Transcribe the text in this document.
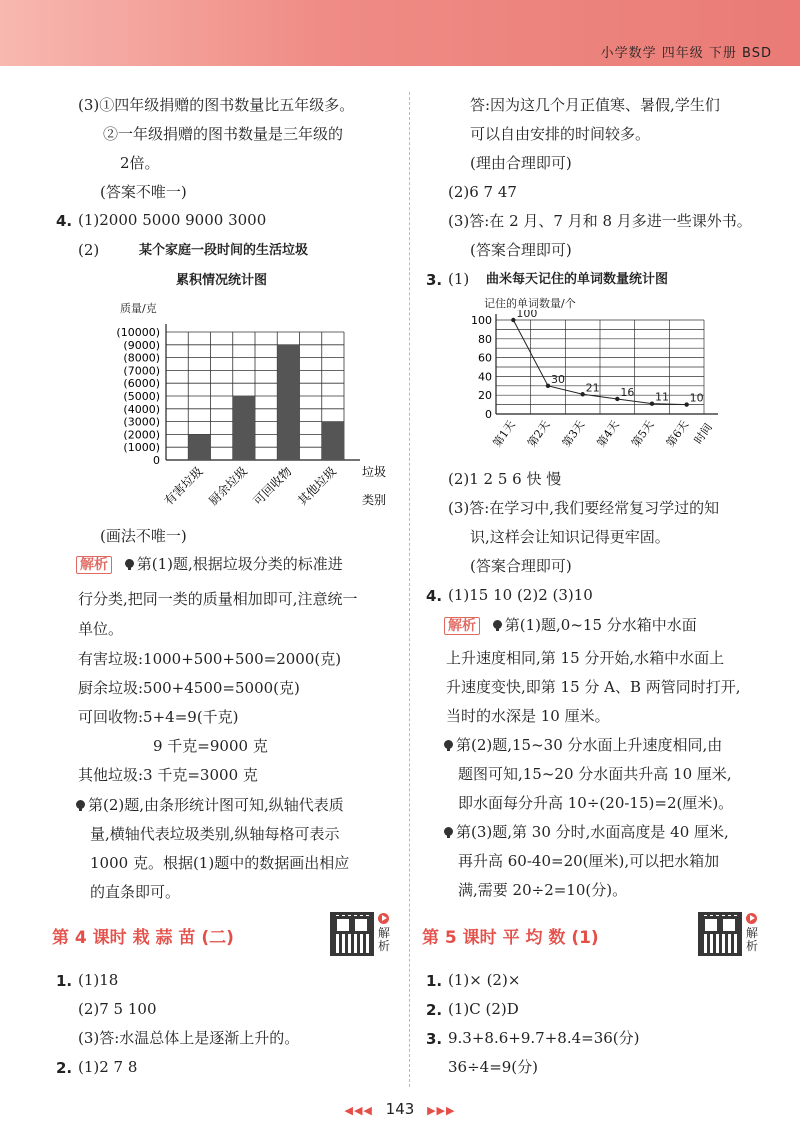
小学数学 四年级 下册 BSD
(3)①四年级捐赠的图书数量比五年级多。
②一年级捐赠的图书数量是三年级的
2倍。
(答案不唯一)
4. (1)2000 5000 9000 3000
(2)	某个家庭一段时间的生活垃圾
累积情况统计图
质量/克
(10000)
(9000)
(8000)
(7000)
(6000)
(5000)
(4000)
(3000)
(2000)
(1000)
0
有害垃圾 厨余垃圾 可回收物 其他垃圾 垃圾
类别
(画法不唯一)
解析 第(1)题,根据垃圾分类的标准进
行分类,把同一类的质量相加即可,注意统一
单位。
有害垃圾:1000+500+500=2000(克)
厨余垃圾:500+4500=5000(克)
可回收物:5+4=9(千克)
9 千克=9000 克
其他垃圾:3 千克=3000 克
第(2)题,由条形统计图可知,纵轴代表质
量,横轴代表垃圾类别,纵轴每格可表示
1000 克。根据(1)题中的数据画出相应
的直条即可。
第 4 课时 栽 蒜 苗 (二)	解析
1. (1)18
(2)7 5 100
(3)答:水温总体上是逐渐上升的。
2. (1)2 7 8
答:因为这几个月正值寒、暑假,学生们
可以自由安排的时间较多。
(理由合理即可)
(2)6 7 47
(3)答:在 2 月、7 月和 8 月多进一些课外书。
(答案合理即可)
3. (1) 曲米每天记住的单词数量统计图
记住的单词数量/个
100
80
60
40
20
0
100
30
21 16 11 10
第1天 第2天 第3天 第4天 第5天 第6天 时间
(2)1 2 5 6 快 慢
(3)答:在学习中,我们要经常复习学过的知
识,这样会让知识记得更牢固。
(答案合理即可)
4. (1)15 10 (2)2 (3)10
解析 第(1)题,0~15 分水箱中水面
上升速度相同,第 15 分开始,水箱中水面上
升速度变快,即第 15 分 A、B 两管同时打开,
当时的水深是 10 厘米。
第(2)题,15~30 分水面上升速度相同,由
题图可知,15~20 分水面共升高 10 厘米,
即水面每分升高 10÷(20-15)=2(厘米)。
第(3)题,第 30 分时,水面高度是 40 厘米,
再升高 60-40=20(厘米),可以把水箱加
满,需要 20÷2=10(分)。
第 5 课时 平 均 数 (1)	解析
1. (1)× (2)×
2. (1)C (2)D
3. 9.3+8.6+9.7+8.4=36(分)
36÷4=9(分)
◀◀◀ 143 ▶▶▶
